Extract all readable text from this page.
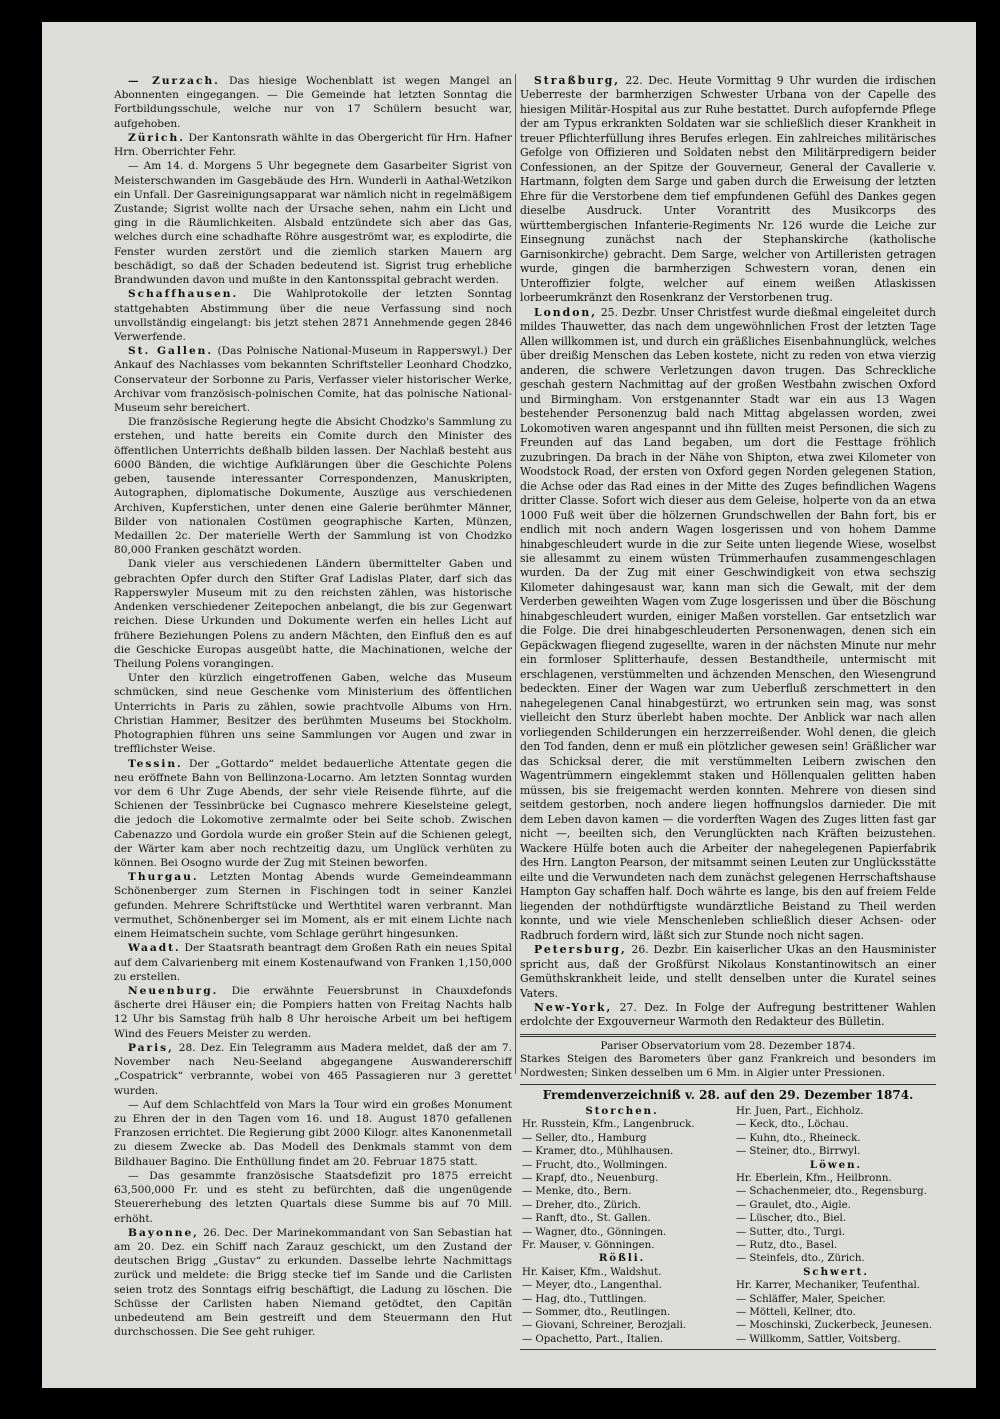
— Zurzach. Das hiesige Wochenblatt ist wegen Mangel an Abonnenten eingegangen. — Die Gemeinde hat letzten Sonntag die Fortbildungsschule, welche nur von 17 Schülern besucht war, aufgehoben.

Zürich. Der Kantonsrath wählte in das Obergericht für Hrn. Hafner Hrn. Oberrichter Fehr.

— Am 14. d. Morgens 5 Uhr begegnete dem Gasarbeiter Sigrist von Meisterschwanden im Gasgebäude des Hrn. Wunderli in Aathal-Wetzikon ein Unfall. Der Gasreinigungsapparat war nämlich nicht in regelmäßigem Zustande; Sigrist wollte nach der Ursache sehen, nahm ein Licht und ging in die Räumlichkeiten. Alsbald entzündete sich aber das Gas, welches durch eine schadhafte Röhre ausgeströmt war, es explodirte, die Fenster wurden zerstört und die ziemlich starken Mauern arg beschädigt, so daß der Schaden bedeutend ist. Sigrist trug erhebliche Brandwunden davon und mußte in den Kantonsspital gebracht werden.

Schaffhausen. Die Wahlprotokolle der letzten Sonntag stattgehabten Abstimmung über die neue Verfassung sind noch unvollständig eingelangt: bis jetzt stehen 2871 Annehmende gegen 2846 Verwerfende.

St. Gallen. (Das Polnische National-Museum in Rapperswyl.) Der Ankauf des Nachlasses vom bekannten Schriftsteller Leonhard Chodzko, Conservateur der Sorbonne zu Paris, Verfasser vieler historischer Werke, Archivar vom französisch-polnischen Comite, hat das polnische National-Museum sehr bereichert.

Die französische Regierung hegte die Absicht Chodzko's Sammlung zu erstehen, und hatte bereits ein Comite durch den Minister des öffentlichen Unterrichts deßhalb bilden lassen. Der Nachlaß besteht aus 6000 Bänden, die wichtige Aufklärungen über die Geschichte Polens geben, tausende interessanter Correspondenzen, Manuskripten, Autographen, diplomatische Dokumente, Auszüge aus verschiedenen Archiven, Kupferstichen, unter denen eine Galerie berühmter Männer, Bilder von nationalen Costümen geographische Karten, Münzen, Medaillen 2c. Der materielle Werth der Sammlung ist von Chodzko 80,000 Franken geschätzt worden.

Dank vieler aus verschiedenen Ländern übermittelter Gaben und gebrachten Opfer durch den Stifter Graf Ladislas Plater, darf sich das Rapperswyler Museum mit zu den reichsten zählen, was historische Andenken verschiedener Zeitepochen anbelangt, die bis zur Gegenwart reichen. Diese Urkunden und Dokumente werfen ein helles Licht auf frühere Beziehungen Polens zu andern Mächten, den Einfluß den es auf die Geschicke Europas ausgeübt hatte, die Machinationen, welche der Theilung Polens vorangingen.

Unter den kürzlich eingetroffenen Gaben, welche das Museum schmücken, sind neue Geschenke vom Ministerium des öffentlichen Unterrichts in Paris zu zählen, sowie prachtvolle Albums von Hrn. Christian Hammer, Besitzer des berühmten Museums bei Stockholm. Photographien führen uns seine Sammlungen vor Augen und zwar in trefflichster Weise.

Tessin. Der „Gottardo“ meldet bedauerliche Attentate gegen die neu eröffnete Bahn von Bellinzona-Locarno. Am letzten Sonntag wurden vor dem 6 Uhr Zuge Abends, der sehr viele Reisende führte, auf die Schienen der Tessinbrücke bei Cugnasco mehrere Kieselsteine gelegt, die jedoch die Lokomotive zermalmte oder bei Seite schob. Zwischen Cabenazzo und Gordola wurde ein großer Stein auf die Schienen gelegt, der Wärter kam aber noch rechtzeitig dazu, um Unglück verhüten zu können. Bei Osogno wurde der Zug mit Steinen beworfen.

Thurgau. Letzten Montag Abends wurde Gemeindeammann Schönenberger zum Sternen in Fischingen todt in seiner Kanzlei gefunden. Mehrere Schriftstücke und Werthtitel waren verbrannt. Man vermuthet, Schönenberger sei im Moment, als er mit einem Lichte nach einem Heimatschein suchte, vom Schlage gerührt hingesunken.

Waadt. Der Staatsrath beantragt dem Großen Rath ein neues Spital auf dem Calvarienberg mit einem Kostenaufwand von Franken 1,150,000 zu erstellen.

Neuenburg. Die erwähnte Feuersbrunst in Chauxdefonds äscherte drei Häuser ein; die Pompiers hatten von Freitag Nachts halb 12 Uhr bis Samstag früh halb 8 Uhr heroische Arbeit um bei heftigem Wind des Feuers Meister zu werden.

Paris, 28. Dez. Ein Telegramm aus Madera meldet, daß der am 7. November nach Neu-Seeland abgegangene Auswandererschiff „Cospatrick“ verbrannte, wobei von 465 Passagieren nur 3 gerettet wurden.

— Auf dem Schlachtfeld von Mars la Tour wird ein großes Monument zu Ehren der in den Tagen vom 16. und 18. August 1870 gefallenen Franzosen errichtet. Die Regierung gibt 2000 Kilogr. altes Kanonenmetall zu diesem Zwecke ab. Das Modell des Denkmals stammt von dem Bildhauer Bagino. Die Enthüllung findet am 20. Februar 1875 statt.

— Das gesammte französische Staatsdefizit pro 1875 erreicht 63,500,000 Fr. und es steht zu befürchten, daß die ungenügende Steuererhebung des letzten Quartals diese Summe bis auf 70 Mill. erhöht.

Bayonne, 26. Dec. Der Marinekommandant von San Sebastian hat am 20. Dez. ein Schiff nach Zarauz geschickt, um den Zustand der deutschen Brigg „Gustav“ zu erkunden. Dasselbe lehrte Nachmittags zurück und meldete: die Brigg stecke tief im Sande und die Carlisten seien trotz des Sonntags eifrig beschäftigt, die Ladung zu löschen. Die Schüsse der Carlisten haben Niemand getödtet, den Capitän unbedeutend am Bein gestreift und dem Steuermann den Hut durchschossen. Die See geht ruhiger.

Straßburg, 22. Dec. Heute Vormittag 9 Uhr wurden die irdischen Ueberreste der barmherzigen Schwester Urbana von der Capelle des hiesigen Militär-Hospital aus zur Ruhe bestattet. Durch aufopfernde Pflege der am Typus erkrankten Soldaten war sie schließlich dieser Krankheit in treuer Pflichterfüllung ihres Berufes erlegen. Ein zahlreiches militärisches Gefolge von Offizieren und Soldaten nebst den Militärpredigern beider Confessionen, an der Spitze der Gouverneur, General der Cavallerie v. Hartmann, folgten dem Sarge und gaben durch die Erweisung der letzten Ehre für die Verstorbene dem tief empfundenen Gefühl des Dankes gegen dieselbe Ausdruck. Unter Vorantritt des Musikcorps des württembergischen Infanterie-Regiments Nr. 126 wurde die Leiche zur Einsegnung zunächst nach der Stephanskirche (katholische Garnisonkirche) gebracht. Dem Sarge, welcher von Artilleristen getragen wurde, gingen die barmherzigen Schwestern voran, denen ein Unteroffizier folgte, welcher auf einem weißen Atlaskissen lorbeerumkränzt den Rosenkranz der Verstorbenen trug.

London, 25. Dezbr. Unser Christfest wurde dießmal eingeleitet durch mildes Thauwetter, das nach dem ungewöhnlichen Frost der letzten Tage Allen willkommen ist, und durch ein gräßliches Eisenbahnunglück, welches über dreißig Menschen das Leben kostete, nicht zu reden von etwa vierzig anderen, die schwere Verletzungen davon trugen. Das Schreckliche geschah gestern Nachmittag auf der großen Westbahn zwischen Oxford und Birmingham. Von erstgenannter Stadt war ein aus 13 Wagen bestehender Personenzug bald nach Mittag abgelassen worden, zwei Lokomotiven waren angespannt und ihn füllten meist Personen, die sich zu Freunden auf das Land begaben, um dort die Festtage fröhlich zuzubringen. Da brach in der Nähe von Shipton, etwa zwei Kilometer von Woodstock Road, der ersten von Oxford gegen Norden gelegenen Station, die Achse oder das Rad eines in der Mitte des Zuges befindlichen Wagens dritter Classe. Sofort wich dieser aus dem Geleise, holperte von da an etwa 1000 Fuß weit über die hölzernen Grundschwellen der Bahn fort, bis er endlich mit noch andern Wagen losgerissen und von hohem Damme hinabgeschleudert wurde in die zur Seite unten liegende Wiese, woselbst sie allesammt zu einem wüsten Trümmerhaufen zusammengeschlagen wurden. Da der Zug mit einer Geschwindigkeit von etwa sechszig Kilometer dahingesaust war, kann man sich die Gewalt, mit der dem Verderben geweihten Wagen vom Zuge losgerissen und über die Böschung hinabgeschleudert wurden, einiger Maßen vorstellen. Gar entsetzlich war die Folge. Die drei hinabgeschleuderten Personenwagen, denen sich ein Gepäckwagen fliegend zugesellte, waren in der nächsten Minute nur mehr ein formloser Splitterhaufe, dessen Bestandtheile, untermischt mit erschlagenen, verstümmelten und ächzenden Menschen, den Wiesengrund bedeckten. Einer der Wagen war zum Ueberfluß zerschmettert in den nahegelegenen Canal hinabgestürzt, wo ertrunken sein mag, was sonst vielleicht den Sturz überlebt haben mochte. Der Anblick war nach allen vorliegenden Schilderungen ein herzzerreißender. Wohl denen, die gleich den Tod fanden, denn er muß ein plötzlicher gewesen sein! Gräßlicher war das Schicksal derer, die mit verstümmelten Leibern zwischen den Wagentrümmern eingeklemmt staken und Höllenqualen gelitten haben müssen, bis sie freigemacht werden konnten. Mehrere von diesen sind seitdem gestorben, noch andere liegen hoffnungslos darnieder. Die mit dem Leben davon kamen — die vorderften Wagen des Zuges litten fast gar nicht —, beeilten sich, den Verunglückten nach Kräften beizustehen. Wackere Hülfe boten auch die Arbeiter der nahegelegenen Papierfabrik des Hrn. Langton Pearson, der mitsammt seinen Leuten zur Unglücksstätte eilte und die Verwundeten nach dem zunächst gelegenen Herrschaftshause Hampton Gay schaffen half. Doch währte es lange, bis den auf freiem Felde liegenden der nothdürftigste wundärztliche Beistand zu Theil werden konnte, und wie viele Menschenleben schließlich dieser Achsen- oder Radbruch fordern wird, läßt sich zur Stunde noch nicht sagen.

Petersburg, 26. Dezbr. Ein kaiserlicher Ukas an den Hausminister spricht aus, daß der Großfürst Nikolaus Konstantinowitsch an einer Gemüthskrankheit leide, und stellt denselben unter die Kuratel seines Vaters.

New-York, 27. Dez. In Folge der Aufregung bestrittener Wahlen erdolchte der Exgouverneur Warmoth den Redakteur des Bülletin.

Pariser Observatorium vom 28. Dezember 1874.
Starkes Steigen des Barometers über ganz Frankreich und besonders im Nordwesten; Sinken desselben um 6 Mm. in Algier unter Pressionen.
Fremdenverzeichniß v. 28. auf den 29. Dezember 1874.
Storchen.
Hr. Russtein, Kfm., Langenbruck.
— Seller, dto., Hamburg
— Kramer, dto., Mühlhausen.
— Frucht, dto., Wollmingen.
— Krapf, dto., Neuenburg.
— Menke, dto., Bern.
— Dreher, dto., Zürich.
— Ranft, dto., St. Gallen.
— Wagner, dto., Gönningen.
Fr. Mauser, v. Gönningen.
Rößli.
Hr. Kaiser, Kfm., Waldshut.
— Meyer, dto., Langenthal.
— Hag, dto., Tuttlingen.
— Sommer, dto., Reutlingen.
— Giovani, Schreiner, Berozjali.
— Opachetto, Part., Italien.
Hr. Juen, Part., Eichholz.
— Keck, dto., Löchau.
— Kuhn, dto., Rheineck.
— Steiner, dto., Birrwyl.
Löwen.
Hr. Eberlein, Kfm., Heilbronn.
— Schachenmeier, dto., Regensburg.
— Graulet, dto., Aigle.
— Lüscher, dto., Biel.
— Sutter, dto., Turgi.
— Rutz, dto., Basel.
— Steinfels, dto., Zürich.
Schwert.
Hr. Karrer, Mechaniker, Teufenthal.
— Schläffer, Maler, Speicher.
— Mötteli, Kellner, dto.
— Moschinski, Zuckerbeck, Jeunesen.
— Willkomm, Sattler, Voitsberg.
